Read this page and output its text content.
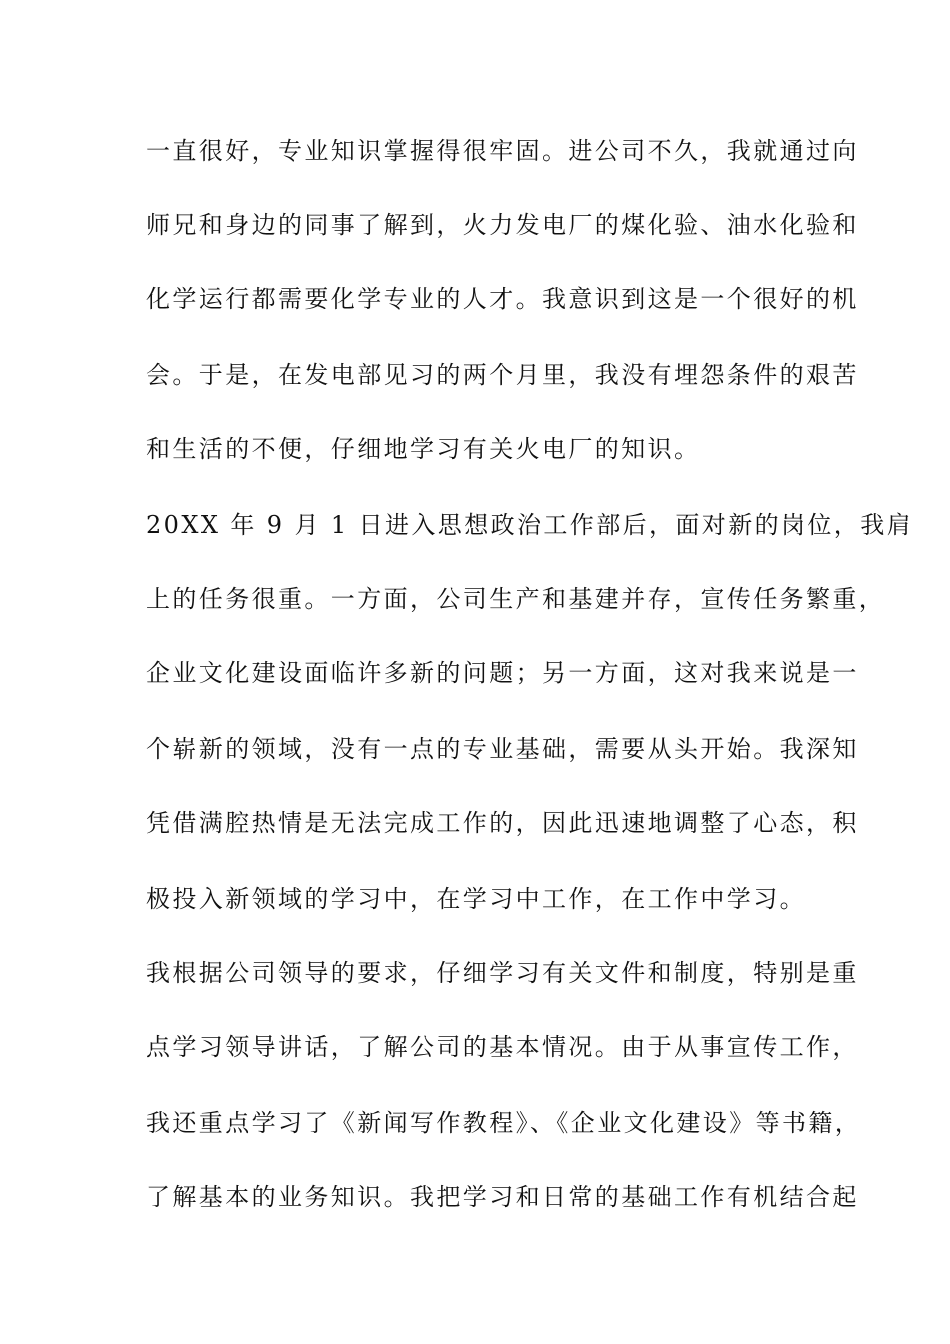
一直很好，专业知识掌握得很牢固。进公司不久，我就通过向
师兄和身边的同事了解到，火力发电厂的煤化验、油水化验和
化学运行都需要化学专业的人才。我意识到这是一个很好的机
会。于是，在发电部见习的两个月里，我没有埋怨条件的艰苦
和生活的不便，仔细地学习有关火电厂的知识。
20XX 年 9 月 1 日进入思想政治工作部后，面对新的岗位，我肩
上的任务很重。一方面，公司生产和基建并存，宣传任务繁重，
企业文化建设面临许多新的问题；另一方面，这对我来说是一
个崭新的领域，没有一点的专业基础，需要从头开始。我深知
凭借满腔热情是无法完成工作的，因此迅速地调整了心态，积
极投入新领域的学习中，在学习中工作，在工作中学习。
我根据公司领导的要求，仔细学习有关文件和制度，特别是重
点学习领导讲话，了解公司的基本情况。由于从事宣传工作，
我还重点学习了《新闻写作教程》、《企业文化建设》等书籍，
了解基本的业务知识。我把学习和日常的基础工作有机结合起
